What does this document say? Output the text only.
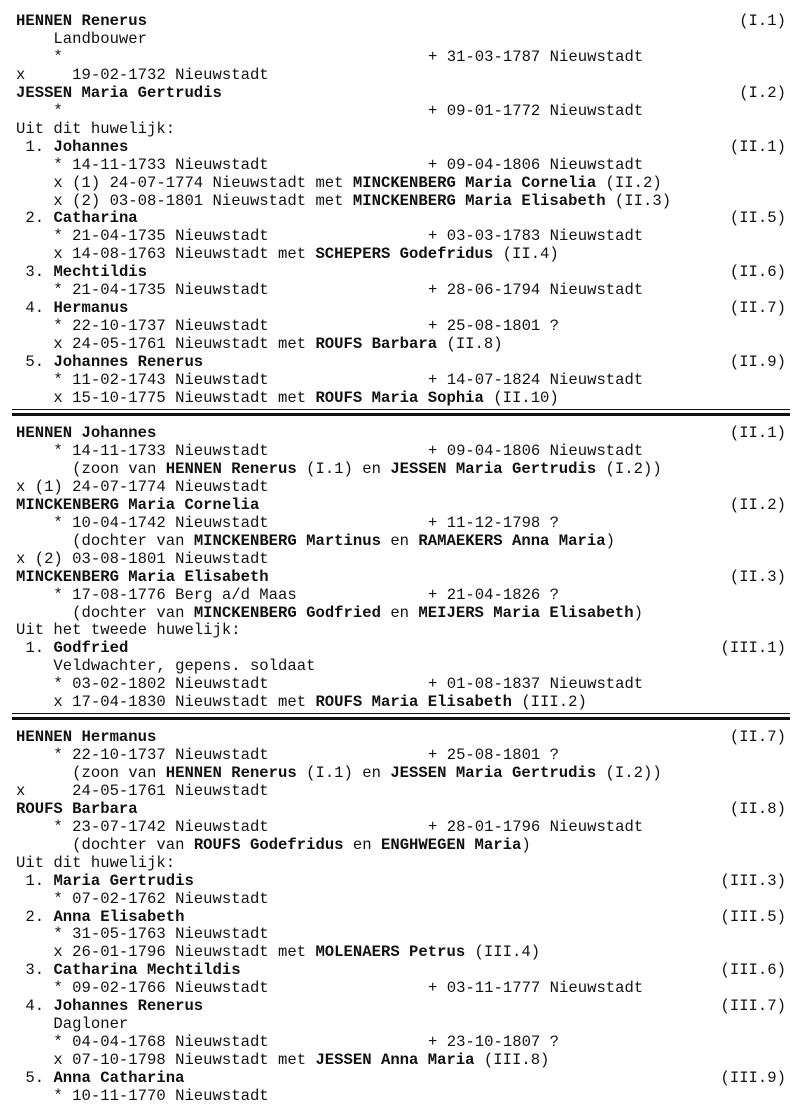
HENNEN Renerus	(I.1)
Landbouwer
*	+ 31-03-1787 Nieuwstadt
x     19-02-1732 Nieuwstadt
JESSEN Maria Gertrudis	(I.2)
*	+ 09-01-1772 Nieuwstadt
Uit dit huwelijk:
1. Johannes	(II.1)
* 14-11-1733 Nieuwstadt	+ 09-04-1806 Nieuwstadt
x (1) 24-07-1774 Nieuwstadt met MINCKENBERG Maria Cornelia (II.2)
x (2) 03-08-1801 Nieuwstadt met MINCKENBERG Maria Elisabeth (II.3)
2. Catharina	(II.5)
* 21-04-1735 Nieuwstadt	+ 03-03-1783 Nieuwstadt
x 14-08-1763 Nieuwstadt met SCHEPERS Godefridus (II.4)
3. Mechtildis	(II.6)
* 21-04-1735 Nieuwstadt	+ 28-06-1794 Nieuwstadt
4. Hermanus	(II.7)
* 22-10-1737 Nieuwstadt	+ 25-08-1801 ?
x 24-05-1761 Nieuwstadt met ROUFS Barbara (II.8)
5. Johannes Renerus	(II.9)
* 11-02-1743 Nieuwstadt	+ 14-07-1824 Nieuwstadt
x 15-10-1775 Nieuwstadt met ROUFS Maria Sophia (II.10)
HENNEN Johannes	(II.1)
* 14-11-1733 Nieuwstadt	+ 09-04-1806 Nieuwstadt
(zoon van HENNEN Renerus (I.1) en JESSEN Maria Gertrudis (I.2))
x (1) 24-07-1774 Nieuwstadt
MINCKENBERG Maria Cornelia	(II.2)
* 10-04-1742 Nieuwstadt	+ 11-12-1798 ?
(dochter van MINCKENBERG Martinus en RAMAEKERS Anna Maria)
x (2) 03-08-1801 Nieuwstadt
MINCKENBERG Maria Elisabeth	(II.3)
* 17-08-1776 Berg a/d Maas	+ 21-04-1826 ?
(dochter van MINCKENBERG Godfried en MEIJERS Maria Elisabeth)
Uit het tweede huwelijk:
1. Godfried	(III.1)
Veldwachter, gepens. soldaat
* 03-02-1802 Nieuwstadt	+ 01-08-1837 Nieuwstadt
x 17-04-1830 Nieuwstadt met ROUFS Maria Elisabeth (III.2)
HENNEN Hermanus	(II.7)
* 22-10-1737 Nieuwstadt	+ 25-08-1801 ?
(zoon van HENNEN Renerus (I.1) en JESSEN Maria Gertrudis (I.2))
x     24-05-1761 Nieuwstadt
ROUFS Barbara	(II.8)
* 23-07-1742 Nieuwstadt	+ 28-01-1796 Nieuwstadt
(dochter van ROUFS Godefridus en ENGHWEGEN Maria)
Uit dit huwelijk:
1. Maria Gertrudis	(III.3)
* 07-02-1762 Nieuwstadt
2. Anna Elisabeth	(III.5)
* 31-05-1763 Nieuwstadt
x 26-01-1796 Nieuwstadt met MOLENAERS Petrus (III.4)
3. Catharina Mechtildis	(III.6)
* 09-02-1766 Nieuwstadt	+ 03-11-1777 Nieuwstadt
4. Johannes Renerus	(III.7)
Dagloner
* 04-04-1768 Nieuwstadt	+ 23-10-1807 ?
x 07-10-1798 Nieuwstadt met JESSEN Anna Maria (III.8)
5. Anna Catharina	(III.9)
* 10-11-1770 Nieuwstadt
